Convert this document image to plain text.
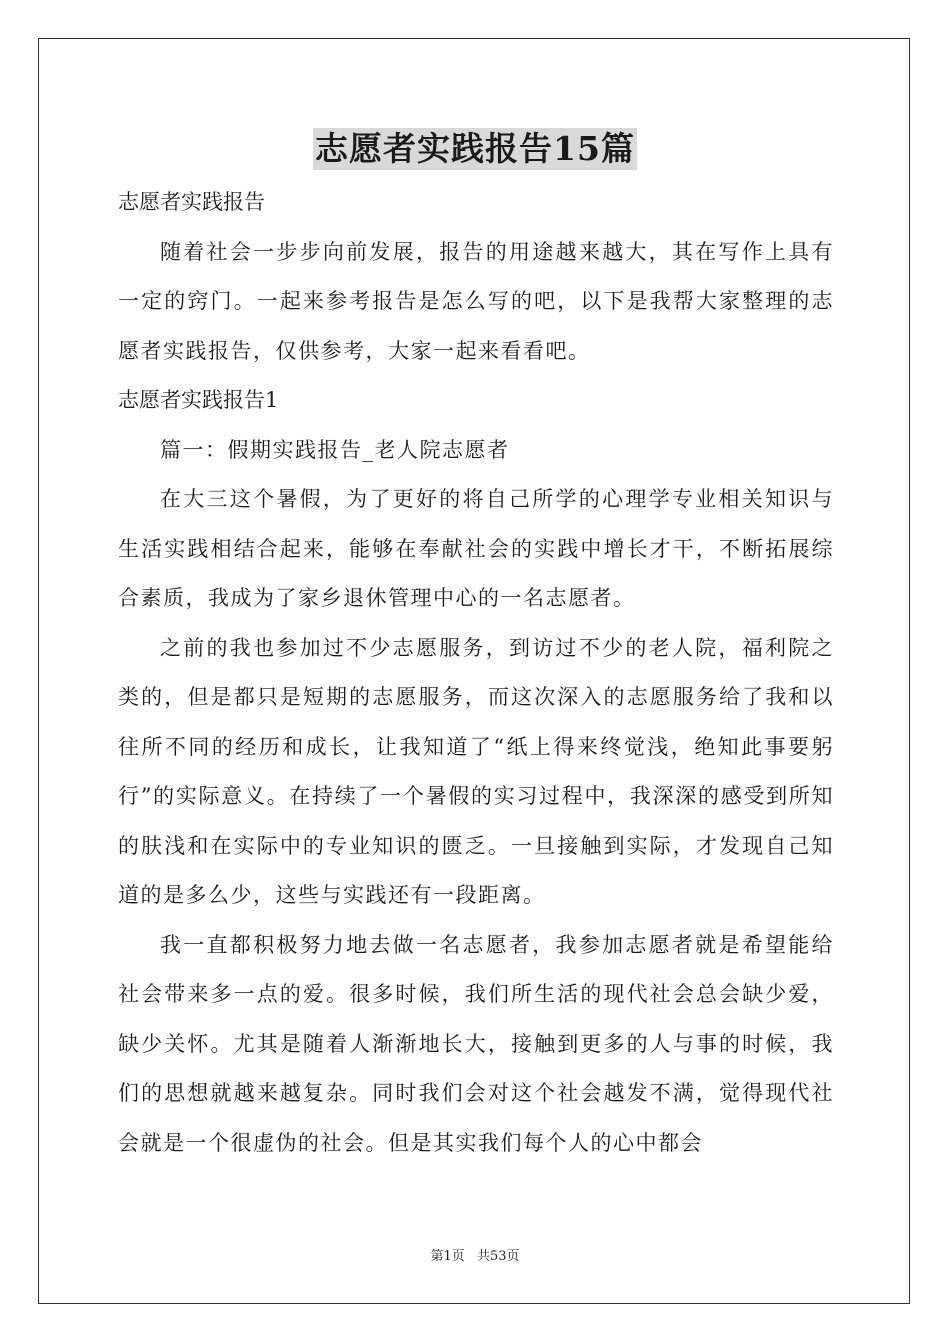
志愿者实践报告15篇

志愿者实践报告

随着社会一步步向前发展，报告的用途越来越大，其在写作上具有一定的窍门。一起来参考报告是怎么写的吧，以下是我帮大家整理的志愿者实践报告，仅供参考，大家一起来看看吧。

志愿者实践报告1

篇一：假期实践报告_老人院志愿者

在大三这个暑假，为了更好的将自己所学的心理学专业相关知识与生活实践相结合起来，能够在奉献社会的实践中增长才干，不断拓展综合素质，我成为了家乡退休管理中心的一名志愿者。

之前的我也参加过不少志愿服务，到访过不少的老人院，福利院之类的，但是都只是短期的志愿服务，而这次深入的志愿服务给了我和以往所不同的经历和成长，让我知道了“纸上得来终觉浅，绝知此事要躬行”的实际意义。在持续了一个暑假的实习过程中，我深深的感受到所知的肤浅和在实际中的专业知识的匮乏。一旦接触到实际，才发现自己知道的是多么少，这些与实践还有一段距离。

我一直都积极努力地去做一名志愿者，我参加志愿者就是希望能给社会带来多一点的爱。很多时候，我们所生活的现代社会总会缺少爱，缺少关怀。尤其是随着人渐渐地长大，接触到更多的人与事的时候，我们的思想就越来越复杂。同时我们会对这个社会越发不满，觉得现代社会就是一个很虚伪的社会。但是其实我们每个人的心中都会

第1页 共53页
